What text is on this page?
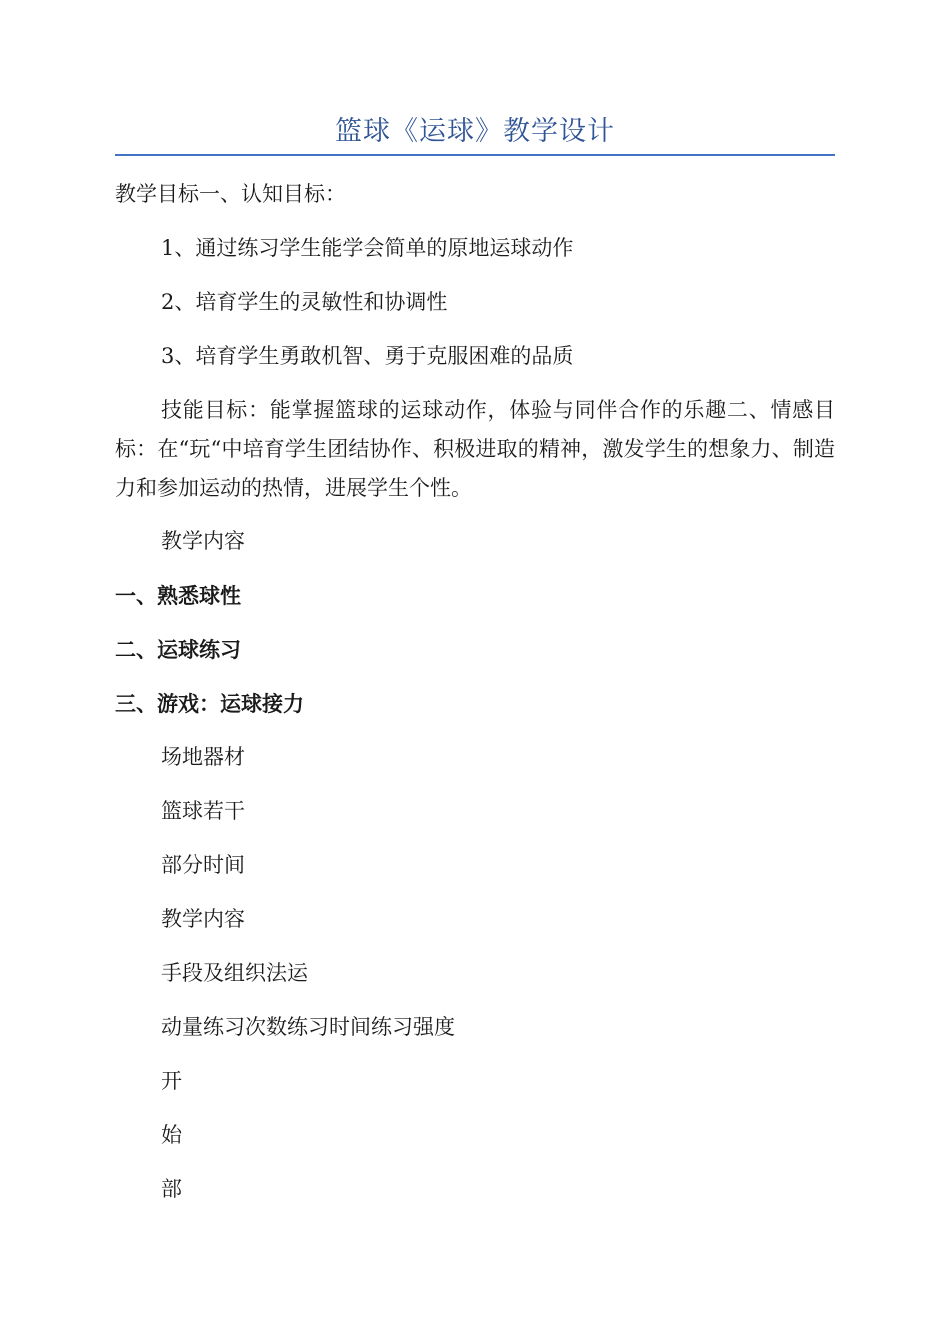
篮球《运球》教学设计

教学目标一、认知目标：

1、通过练习学生能学会简单的原地运球动作

2、培育学生的灵敏性和协调性

3、培育学生勇敢机智、勇于克服困难的品质

技能目标：能掌握篮球的运球动作，体验与同伴合作的乐趣二、情感目标：在“玩“中培育学生团结协作、积极进取的精神，激发学生的想象力、制造力和参加运动的热情，进展学生个性。

教学内容

一、熟悉球性

二、运球练习

三、游戏：运球接力

场地器材

篮球若干

部分时间

教学内容

手段及组织法运

动量练习次数练习时间练习强度

开

始

部
